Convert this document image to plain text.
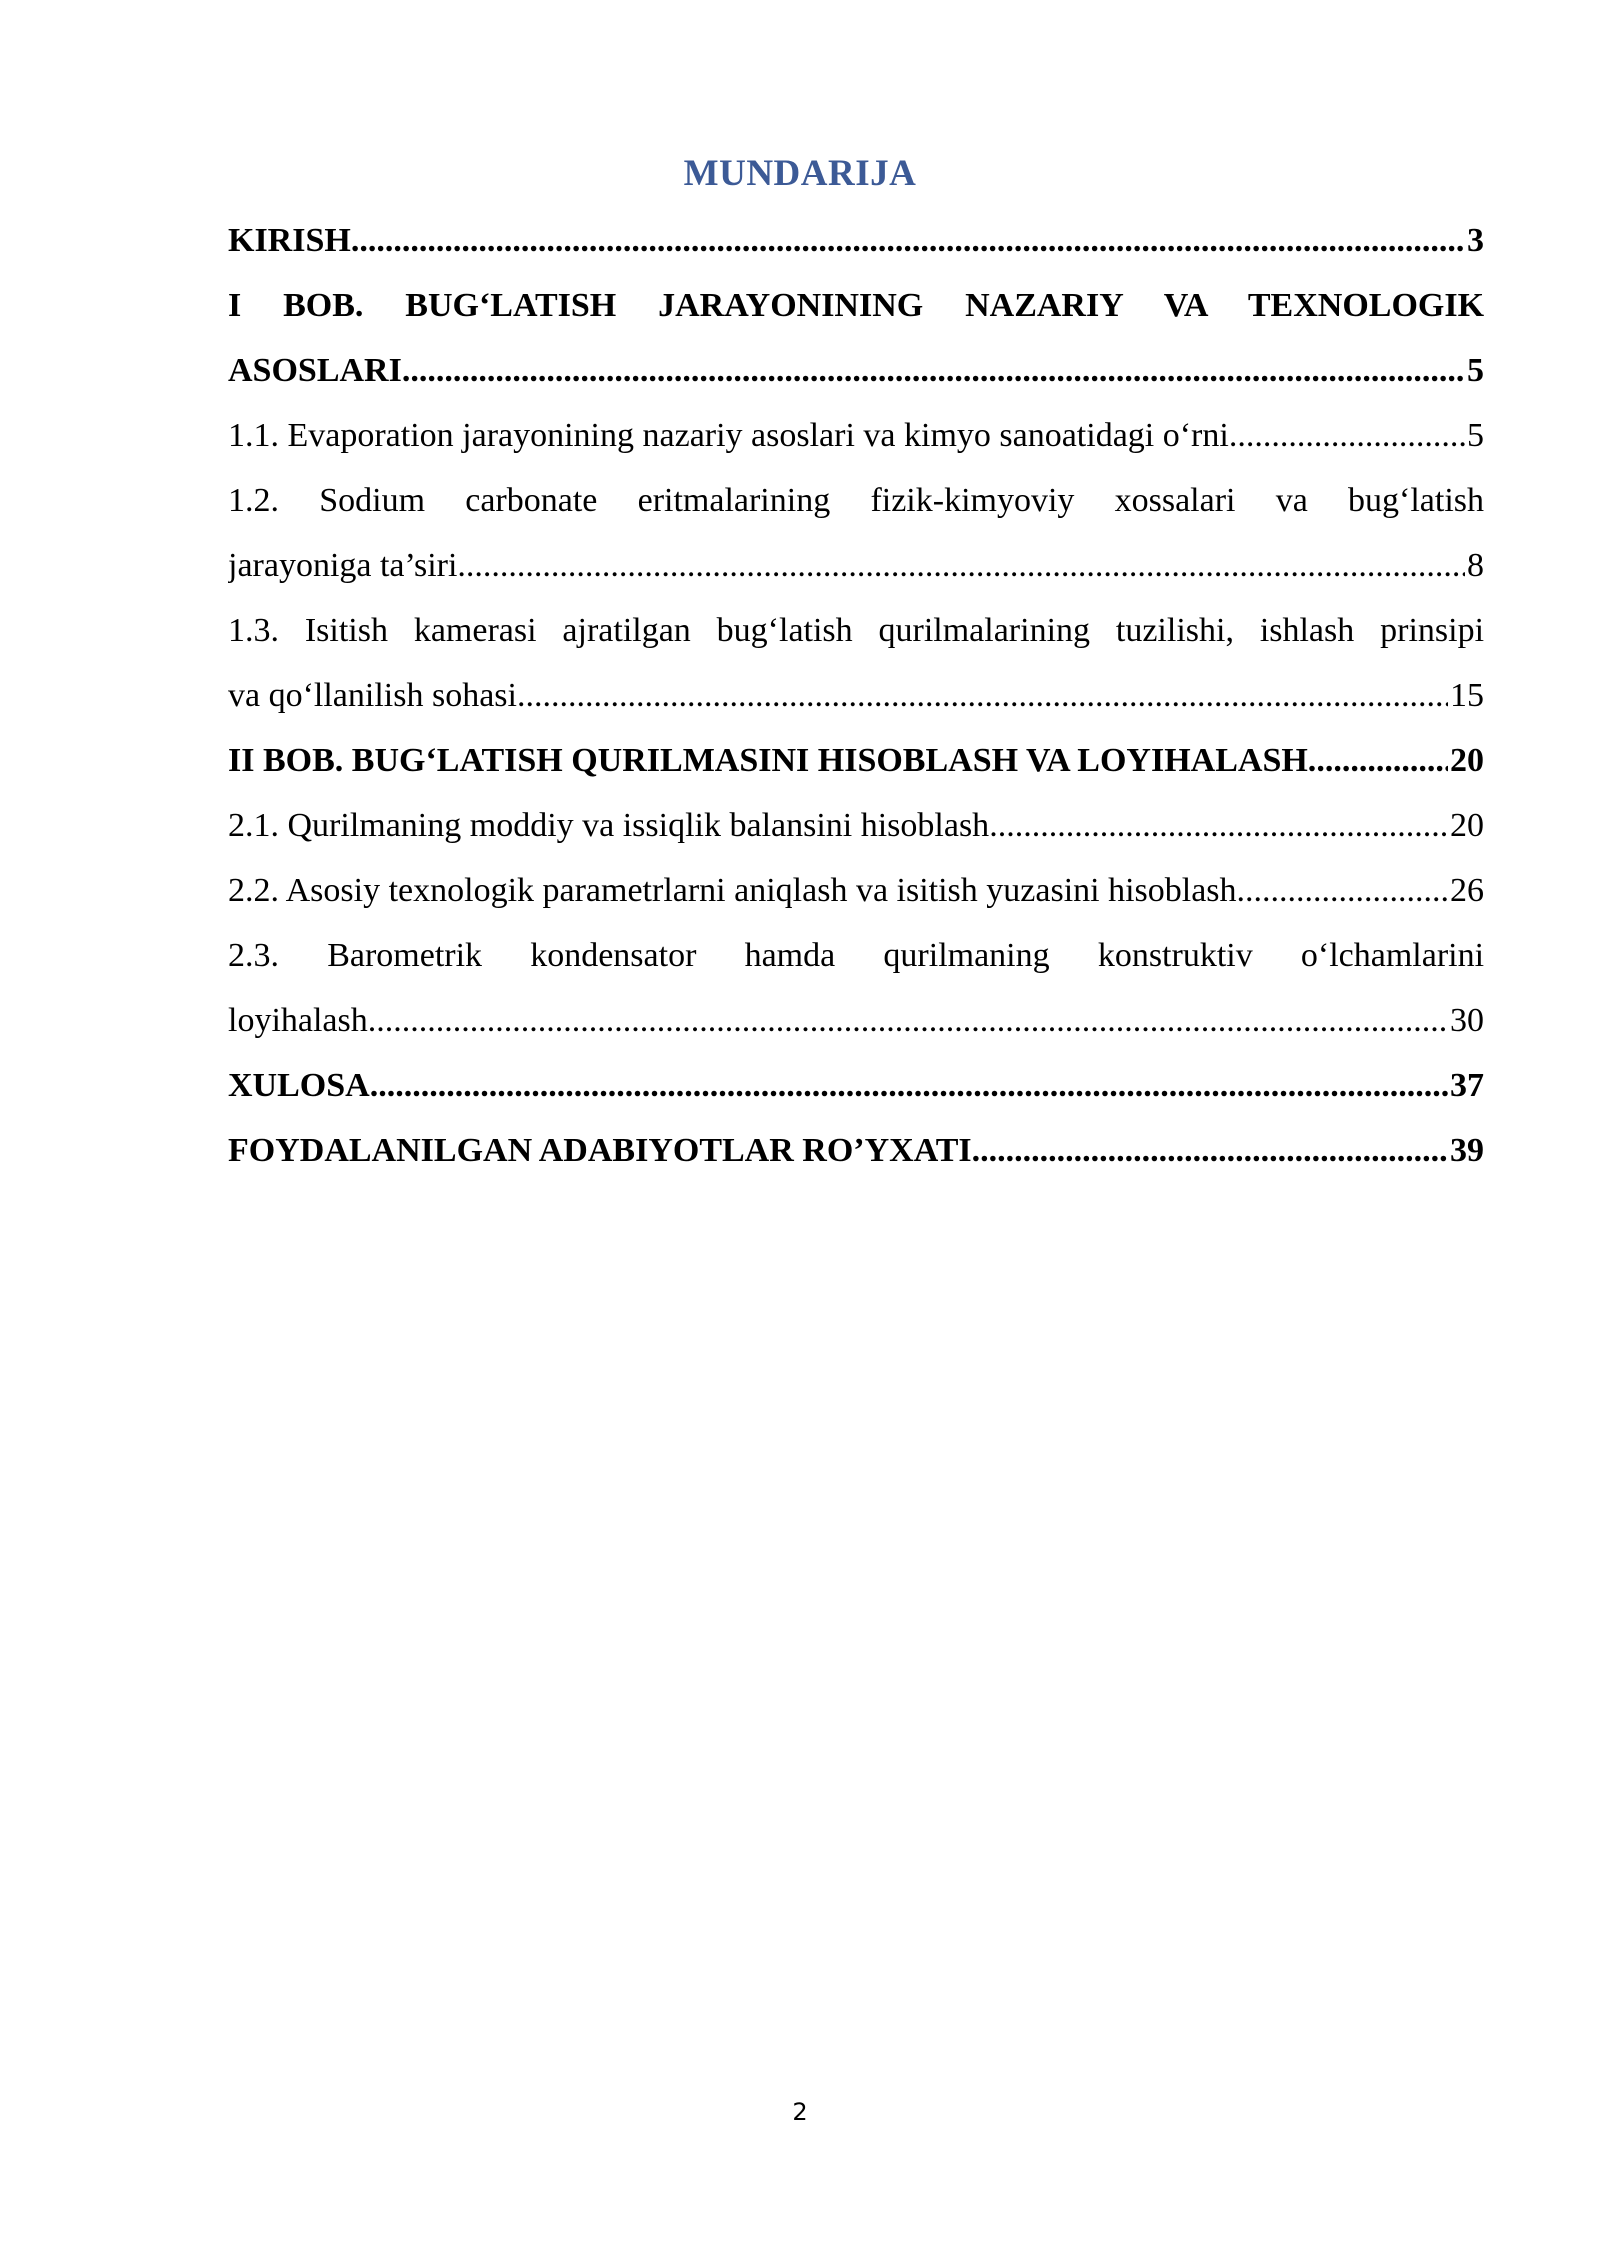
MUNDARIJA
KIRISH .....	3
I BOB. BUG‘LATISH JARAYONINING NAZARIY VA TEXNOLOGIK
ASOSLARI .....	5
1.1. Evaporation jarayonining nazariy asoslari va kimyo sanoatidagi o‘rni .....	5
1.2. Sodium carbonate eritmalarining fizik-kimyoviy xossalari va bug‘latish
jarayoniga ta’siri .....	8
1.3. Isitish kamerasi ajratilgan bug‘latish qurilmalarining tuzilishi, ishlash prinsipi
va qo‘llanilish sohasi .....	15
II BOB. BUG‘LATISH QURILMASINI HISOBLASH VA LOYIHALASH. .....	20
2.1. Qurilmaning moddiy va issiqlik balansini hisoblash .....	20
2.2. Asosiy texnologik parametrlarni aniqlash va isitish yuzasini hisoblash .....	26
2.3. Barometrik kondensator hamda qurilmaning konstruktiv o‘lchamlarini
loyihalash .....	30
XULOSA .....	37
FOYDALANILGAN ADABIYOTLAR RO’YXATI .....	39
2
